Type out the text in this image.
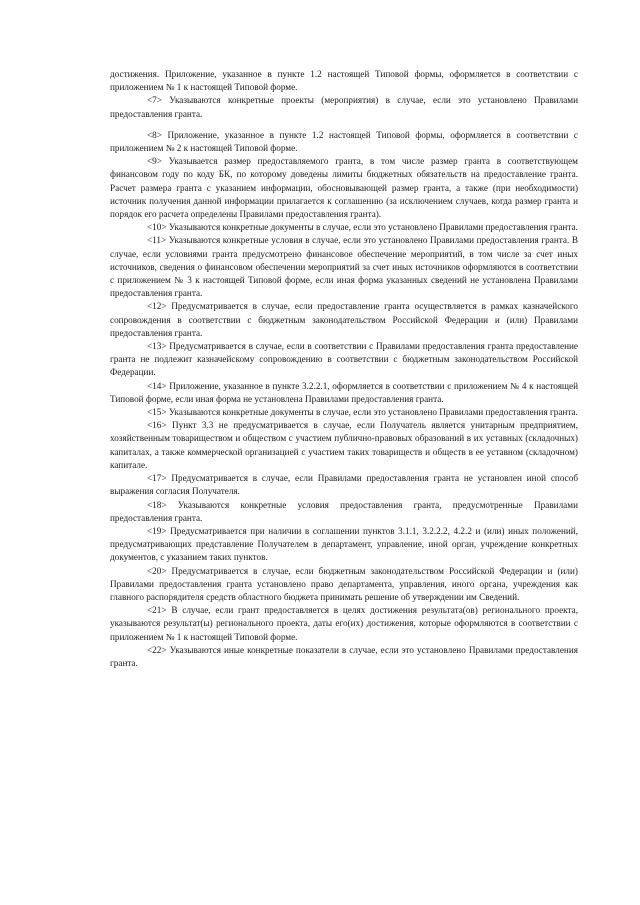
достижения. Приложение, указанное в пункте 1.2 настоящей Типовой формы, оформляется в соответствии с приложением № 1 к настоящей Типовой форме.

<7> Указываются конкретные проекты (мероприятия) в случае, если это установлено Правилами предоставления гранта.

<8> Приложение, указанное в пункте 1.2 настоящей Типовой формы, оформляется в соответствии с приложением № 2 к настоящей Типовой форме.

<9> Указывается размер предоставляемого гранта, в том числе размер гранта в соответствующем финансовом году по коду БК, по которому доведены лимиты бюджетных обязательств на предоставление гранта. Расчет размера гранта с указанием информации, обосновывающей размер гранта, а также (при необходимости) источник получения данной информации прилагается к соглашению (за исключением случаев, когда размер гранта и порядок его расчета определены Правилами предоставления гранта).

<10> Указываются конкретные документы в случае, если это установлено Правилами предоставления гранта.

<11> Указываются конкретные условия в случае, если это установлено Правилами предоставления гранта. В случае, если условиями гранта предусмотрено финансовое обеспечение мероприятий, в том числе за счет иных источников, сведения о финансовом обеспечении мероприятий за счет иных источников оформляются в соответствии с приложением № 3 к настоящей Типовой форме, если иная форма указанных сведений не установлена Правилами предоставления гранта.

<12> Предусматривается в случае, если предоставление гранта осуществляется в рамках казначейского сопровождения в соответствии с бюджетным законодательством Российской Федерации и (или) Правилами предоставления гранта.

<13> Предусматривается в случае, если в соответствии с Правилами предоставления гранта предоставление гранта не подлежит казначейскому сопровождению в соответствии с бюджетным законодательством Российской Федерации.

<14> Приложение, указанное в пункте 3.2.2.1, оформляется в соответствии с приложением № 4 к настоящей Типовой форме, если иная форма не установлена Правилами предоставления гранта.

<15> Указываются конкретные документы в случае, если это установлено Правилами предоставления гранта.

<16> Пункт 3.3 не предусматривается в случае, если Получатель является унитарным предприятием, хозяйственным товариществом и обществом с участием публично-правовых образований в их уставных (складочных) капиталах, а также коммерческой организацией с участием таких товариществ и обществ в ее уставном (складочном) капитале.

<17> Предусматривается в случае, если Правилами предоставления гранта не установлен иной способ выражения согласия Получателя.

<18> Указываются конкретные условия предоставления гранта, предусмотренные Правилами предоставления гранта.

<19> Предусматривается при наличии в соглашении пунктов 3.1.1, 3.2.2.2, 4.2.2 и (или) иных положений, предусматривающих представление Получателем в департамент, управление, иной орган, учреждение конкретных документов, с указанием таких пунктов.

<20> Предусматривается в случае, если бюджетным законодательством Российской Федерации и (или) Правилами предоставления гранта установлено право департамента, управления, иного органа, учреждения как главного распорядителя средств областного бюджета принимать решение об утверждении им Сведений.

<21> В случае, если грант предоставляется в целях достижения результата(ов) регионального проекта, указываются результат(ы) регионального проекта, даты его(их) достижения, которые оформляются в соответствии с приложением № 1 к настоящей Типовой форме.

<22> Указываются иные конкретные показатели в случае, если это установлено Правилами предоставления гранта.
